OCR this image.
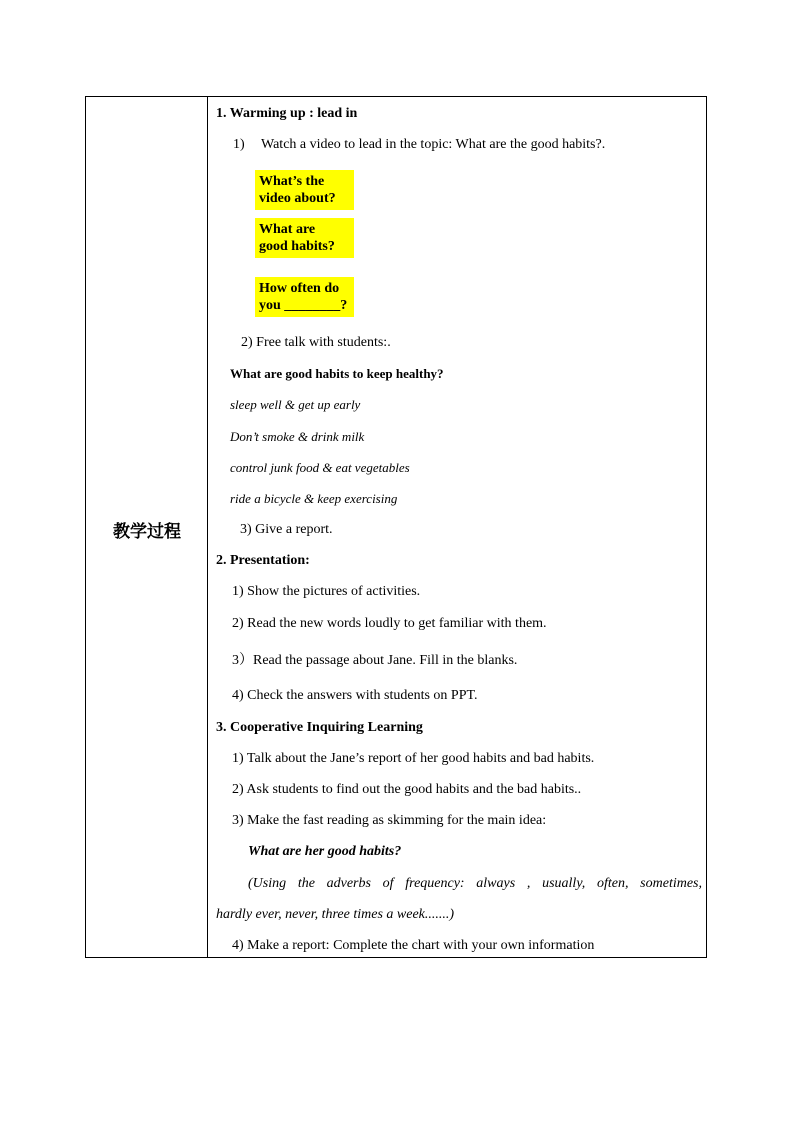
教学过程
1. Warming up : lead in
1) Watch a video to lead in the topic: What are the good habits?.
What’s the
video about?
What are
good habits?
How often do
you ________?
2) Free talk with students:.
What are good habits to keep healthy?
sleep well & get up early
Don’t smoke & drink milk
control junk food & eat vegetables
ride a bicycle & keep exercising
3) Give a report.
2. Presentation:
1) Show the pictures of activities.
2) Read the new words loudly to get familiar with them.
3）Read the passage about Jane. Fill in the blanks.
4) Check the answers with students on PPT.
3. Cooperative Inquiring Learning
1) Talk about the Jane’s report of her good habits and bad habits.
2) Ask students to find out the good habits and the bad habits..
3) Make the fast reading as skimming for the main idea:
What are her good habits?
(Using the adverbs of frequency: always , usually, often, sometimes,
hardly ever, never, three times a week.......)
4) Make a report: Complete the chart with your own information
